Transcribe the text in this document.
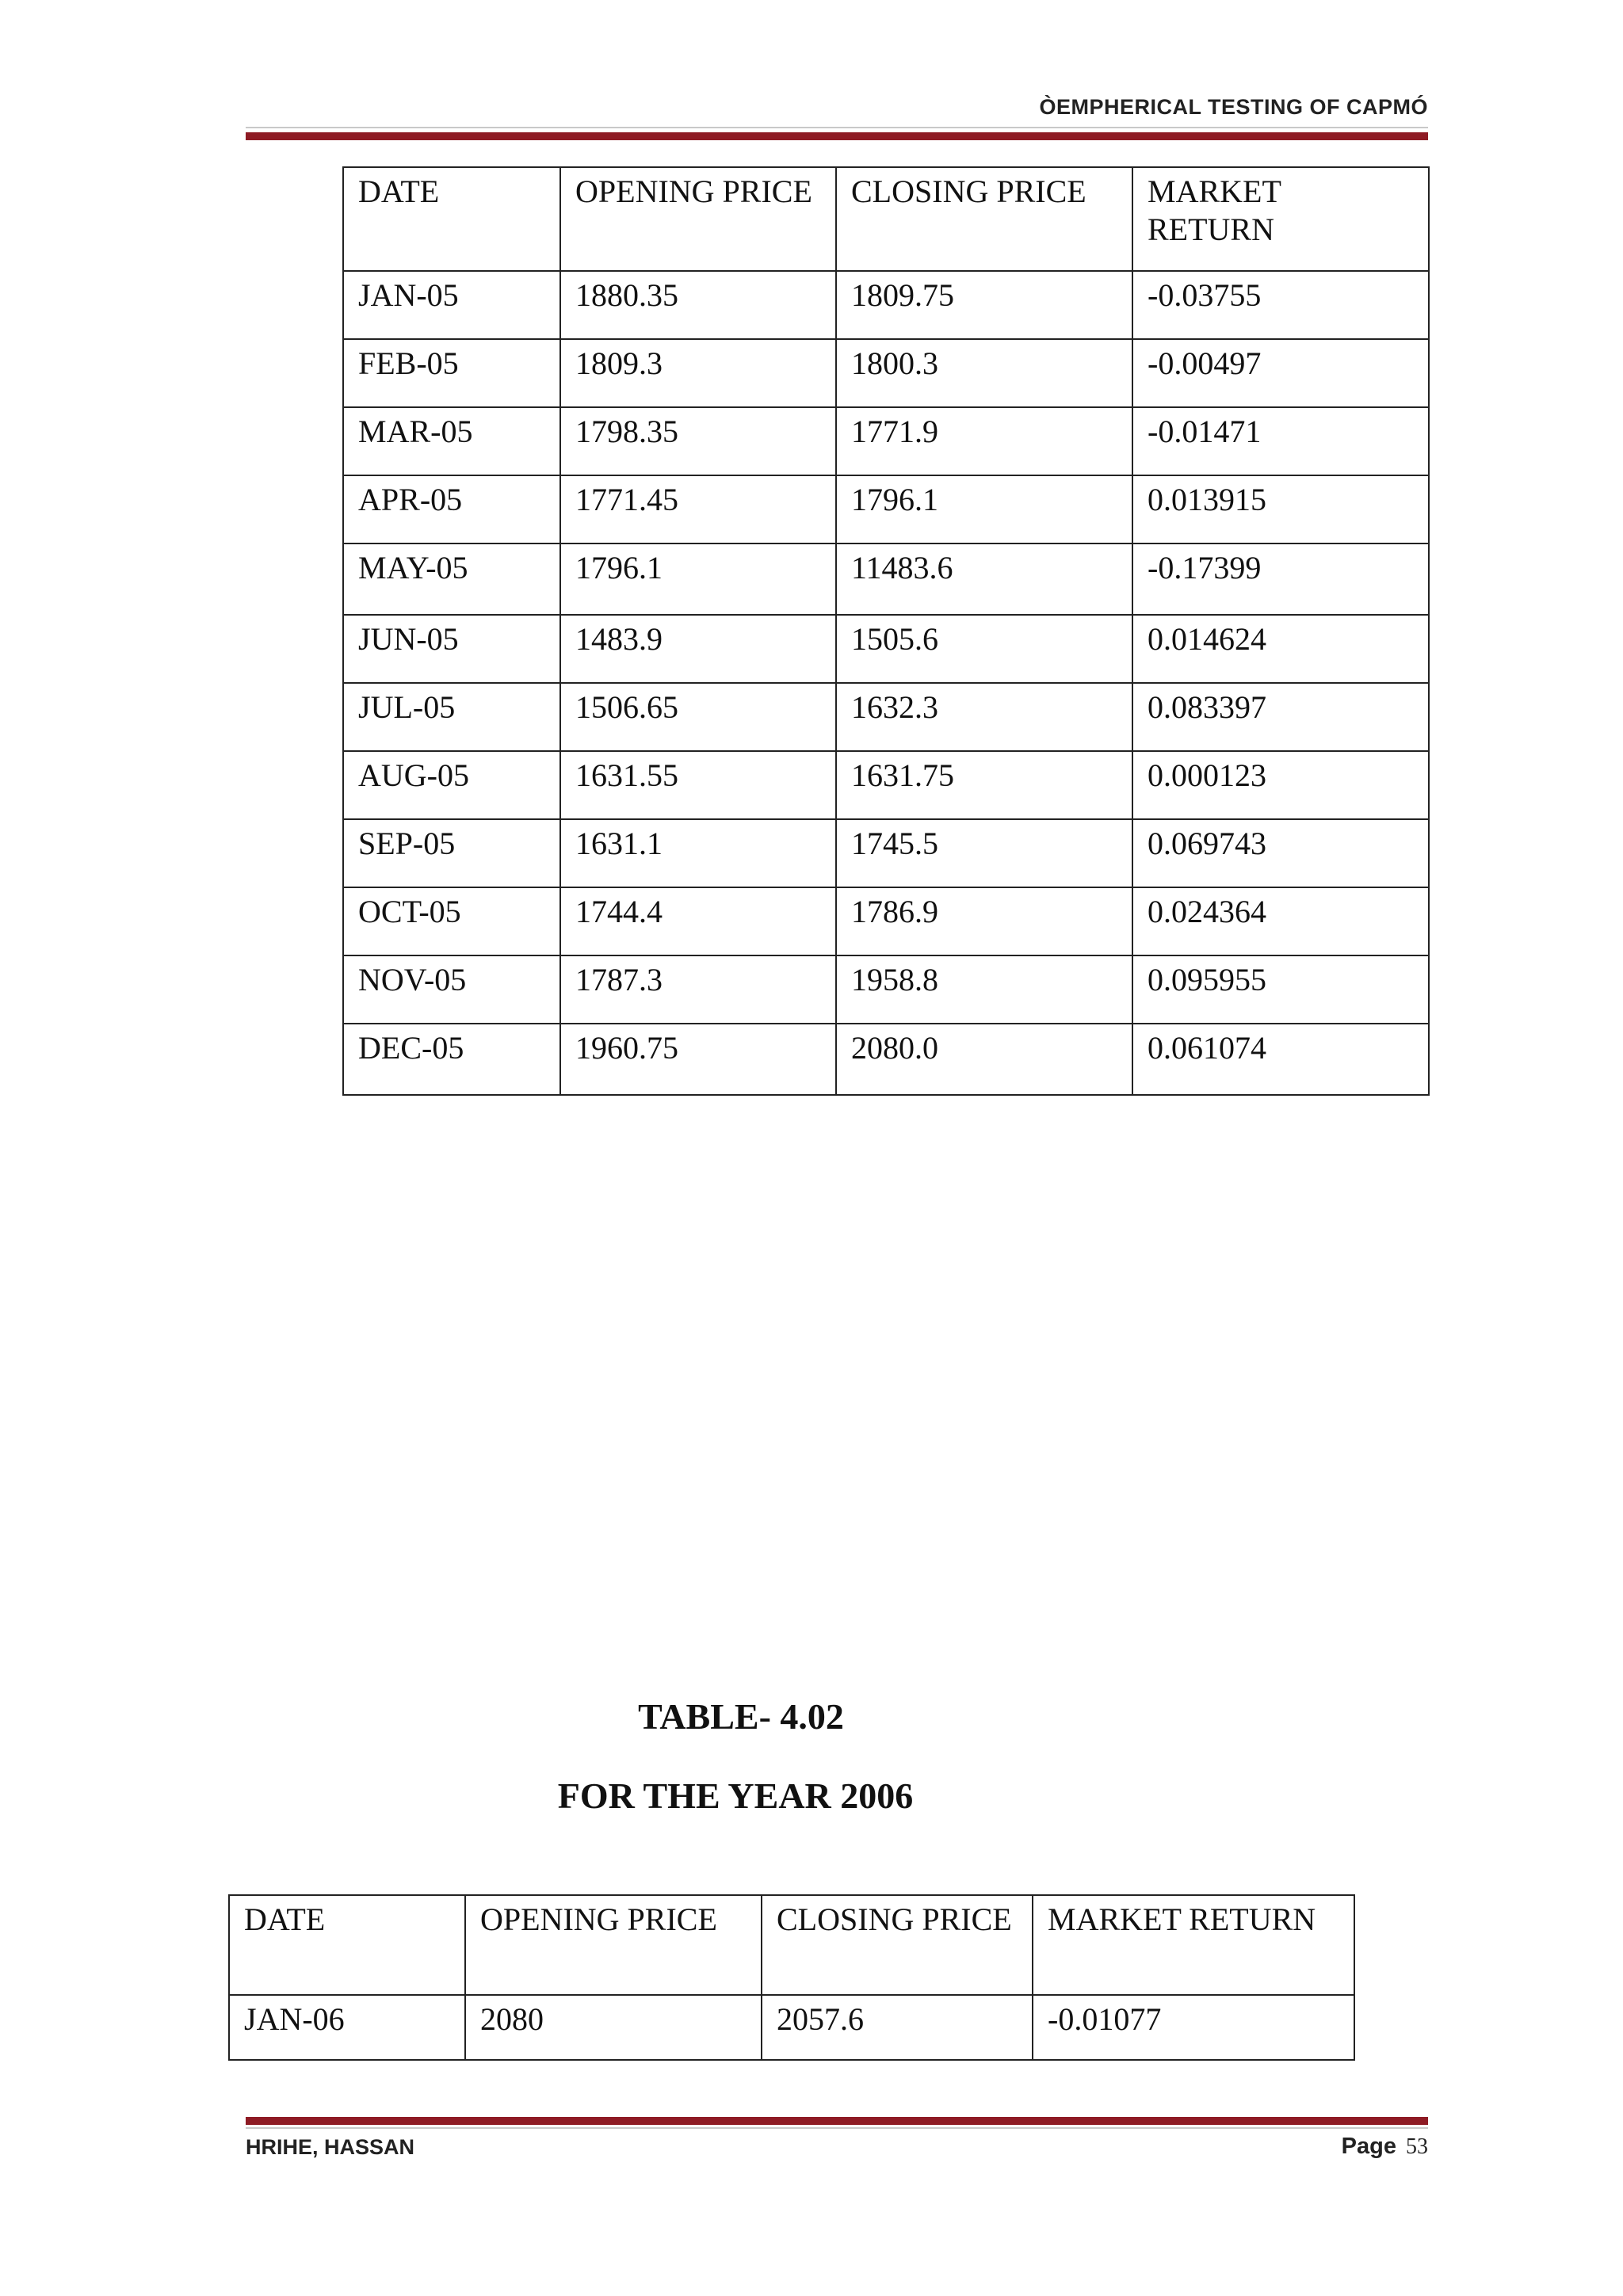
ÒEMPHERICAL TESTING OF CAPMÓ
DATE	OPENING PRICE	CLOSING PRICE	MARKET RETURN
JAN-05	1880.35	1809.75	-0.03755
FEB-05	1809.3	1800.3	-0.00497
MAR-05	1798.35	1771.9	-0.01471
APR-05	1771.45	1796.1	0.013915
MAY-05	1796.1	11483.6	-0.17399
JUN-05	1483.9	1505.6	0.014624
JUL-05	1506.65	1632.3	0.083397
AUG-05	1631.55	1631.75	0.000123
SEP-05	1631.1	1745.5	0.069743
OCT-05	1744.4	1786.9	0.024364
NOV-05	1787.3	1958.8	0.095955
DEC-05	1960.75	2080.0	0.061074
TABLE- 4.02
FOR THE YEAR 2006
DATE	OPENING PRICE	CLOSING PRICE	MARKET RETURN
JAN-06	2080	2057.6	-0.01077
HRIHE, HASSAN	Page 53
